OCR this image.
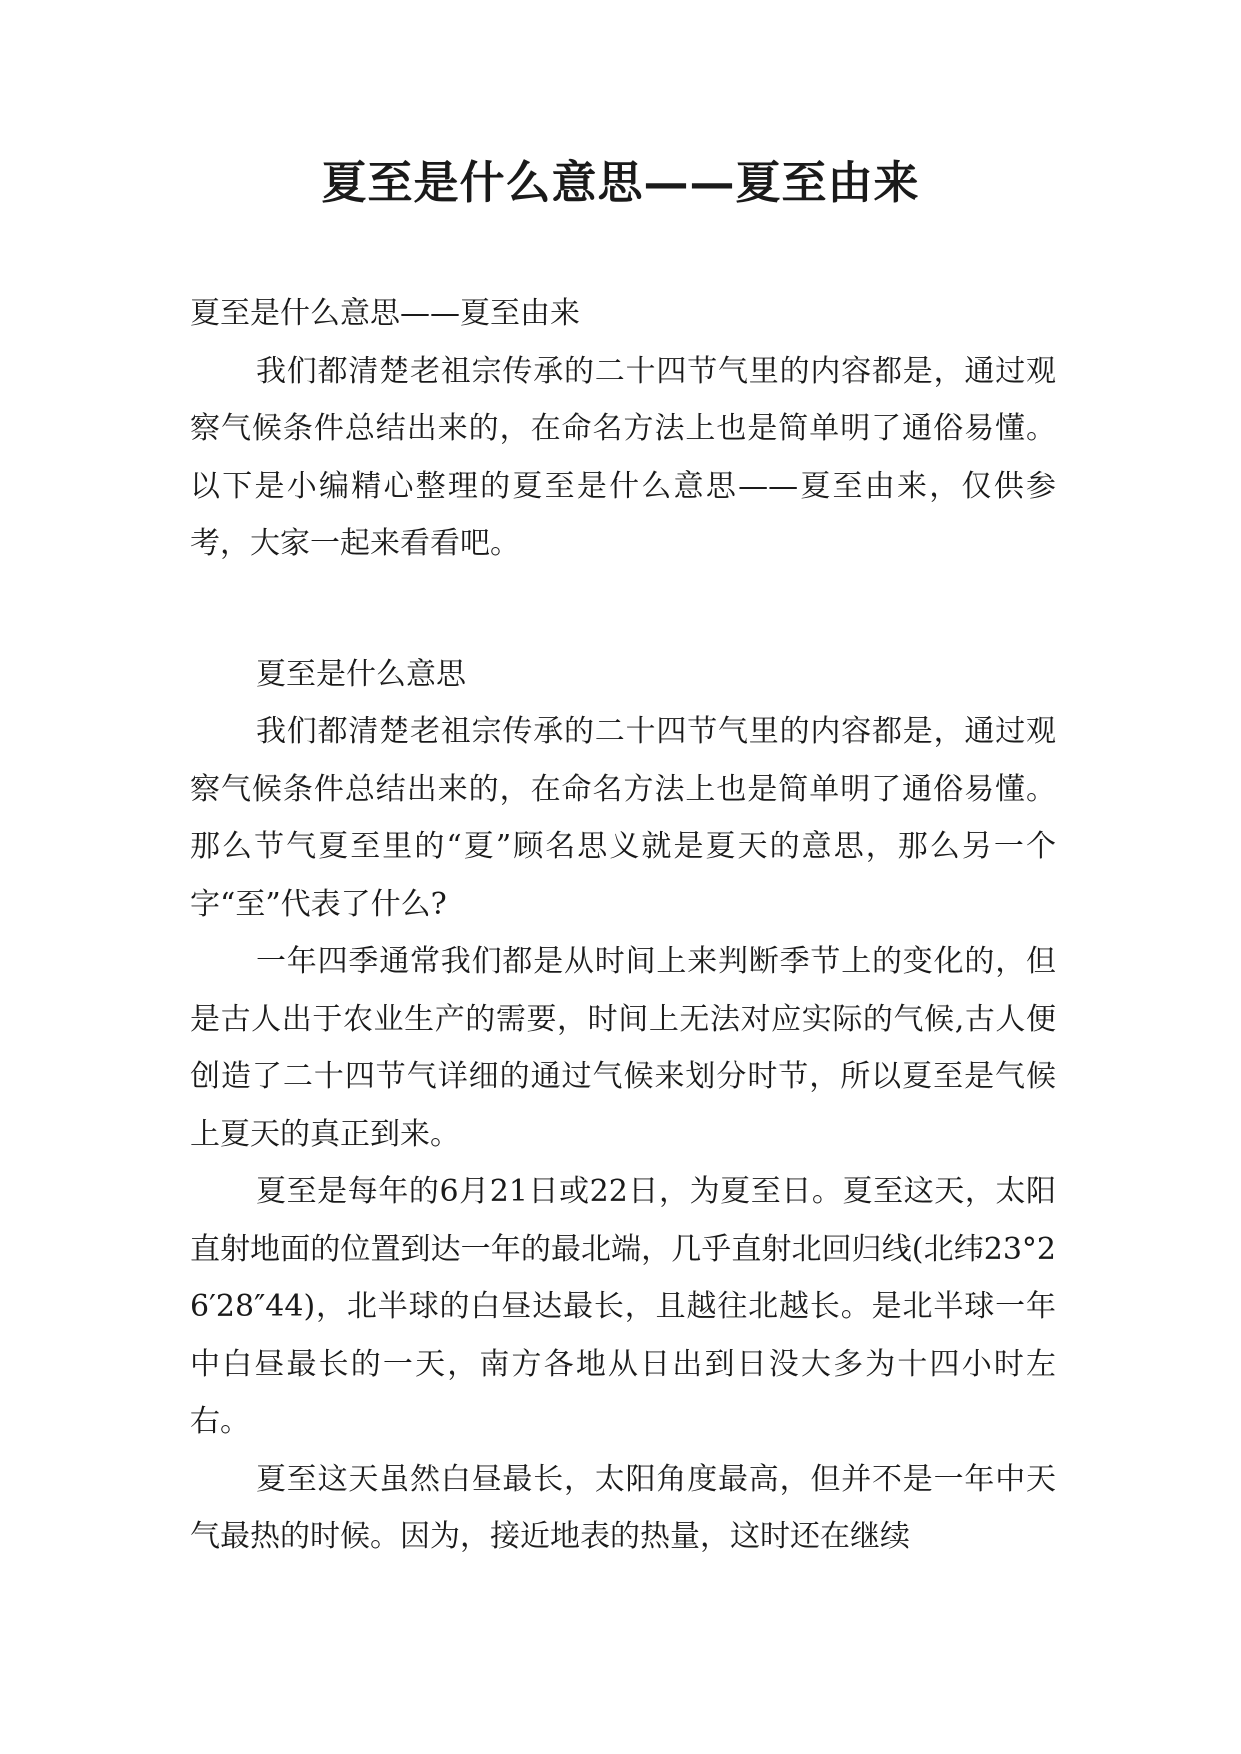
夏至是什么意思——夏至由来

夏至是什么意思——夏至由来

我们都清楚老祖宗传承的二十四节气里的内容都是，通过观察气候条件总结出来的，在命名方法上也是简单明了通俗易懂。以下是小编精心整理的夏至是什么意思——夏至由来，仅供参考，大家一起来看看吧。

夏至是什么意思

我们都清楚老祖宗传承的二十四节气里的内容都是，通过观察气候条件总结出来的，在命名方法上也是简单明了通俗易懂。那么节气夏至里的“夏”顾名思义就是夏天的意思，那么另一个字“至”代表了什么?

一年四季通常我们都是从时间上来判断季节上的变化的，但是古人出于农业生产的需要，时间上无法对应实际的气候,古人便创造了二十四节气详细的通过气候来划分时节，所以夏至是气候上夏天的真正到来。

夏至是每年的6月21日或22日，为夏至日。夏至这天，太阳直射地面的位置到达一年的最北端，几乎直射北回归线(北纬23°26′28″44)，北半球的白昼达最长，且越往北越长。是北半球一年中白昼最长的一天，南方各地从日出到日没大多为十四小时左右。

夏至这天虽然白昼最长，太阳角度最高，但并不是一年中天气最热的时候。因为，接近地表的热量，这时还在继续
